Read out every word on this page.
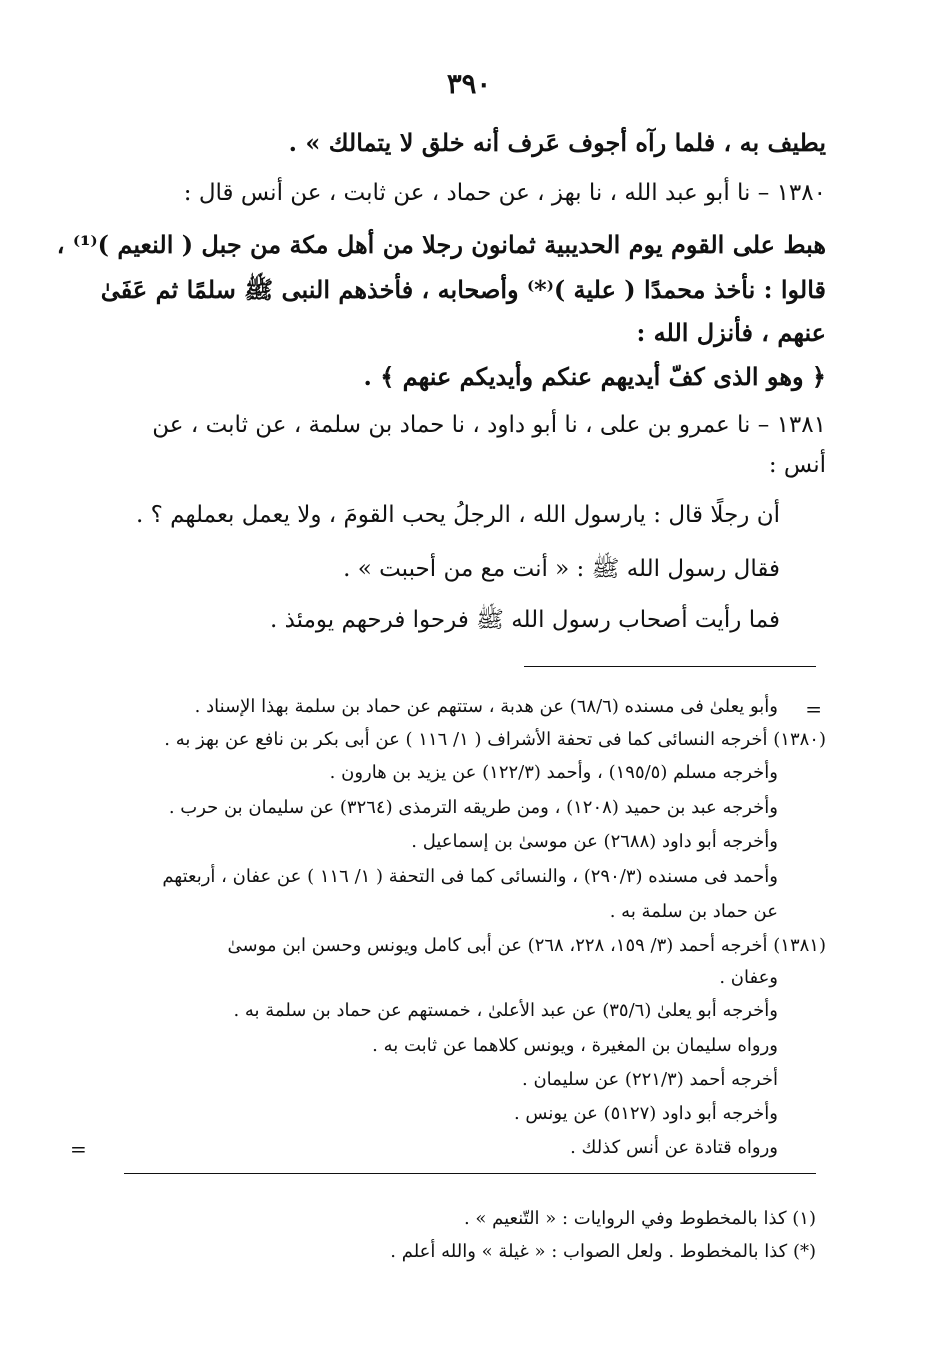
٣٩٠
يطيف به ، فلما رآه أجوف عَرف أنه خلق لا يتمالك » .
١٣٨٠ – نا أبو عبد الله ، نا بهز ، عن حماد ، عن ثابت ، عن أنس قال :
هبط على القوم يوم الحديبية ثمانون رجلا من أهل مكة من جبل ( النعيم )⁽¹⁾ ،
قالوا : نأخذ محمدًا ( علية )⁽*⁾ وأصحابه ، فأخذهم النبى ﷺ سلمًا ثم عَفَىٰ
عنهم ، فأنزل الله :
﴿ وهو الذى كفّ أيديهم عنكم وأيديكم عنهم ﴾ .
١٣٨١ – نا عمرو بن على ، نا أبو داود ، نا حماد بن سلمة ، عن ثابت ، عن
أنس :
أن رجلًا قال : يارسول الله ، الرجلُ يحب القومَ ، ولا يعمل بعملهم ؟ .
فقال رسول الله ﷺ : « أنت مع من أحببت » .
فما رأيت أصحاب رسول الله ﷺ فرحوا فرحهم يومئذ .
=
وأبو يعلىٰ فى مسنده (٦٨/٦) عن هدبة ، ستتهم عن حماد بن سلمة بهذا الإسناد .
(١٣٨٠) أخرجه النسائى كما فى تحفة الأشراف ( ١/ ١١٦ ) عن أبى بكر بن نافع عن بهز به .
وأخرجه مسلم (١٩٥/٥) ، وأحمد (١٢٢/٣) عن يزيد بن هارون .
وأخرجه عبد بن حميد (١٢٠٨) ، ومن طريقه الترمذى (٣٢٦٤) عن سليمان بن حرب .
وأخرجه أبو داود (٢٦٨٨) عن موسىٰ بن إسماعيل .
وأحمد فى مسنده (٢٩٠/٣) ، والنسائى كما فى التحفة ( ١/ ١١٦ ) عن عفان ، أربعتهم
عن حماد بن سلمة به .
(١٣٨١) أخرجه أحمد (٣/ ١٥٩، ٢٢٨، ٢٦٨) عن أبى كامل ويونس وحسن ابن موسىٰ
وعفان .
وأخرجه أبو يعلىٰ (٣٥/٦) عن عبد الأعلىٰ ، خمستهم عن حماد بن سلمة به .
ورواه سليمان بن المغيرة ، ويونس كلاهما عن ثابت به .
أخرجه أحمد (٢٢١/٣) عن سليمان .
وأخرجه أبو داود (٥١٢٧) عن يونس .
ورواه قتادة عن أنس كذلك .
=
(١) كذا بالمخطوط وفي الروايات : « التّنعيم » .
(*) كذا بالمخطوط . ولعل الصواب : « غيلة » والله أعلم .
